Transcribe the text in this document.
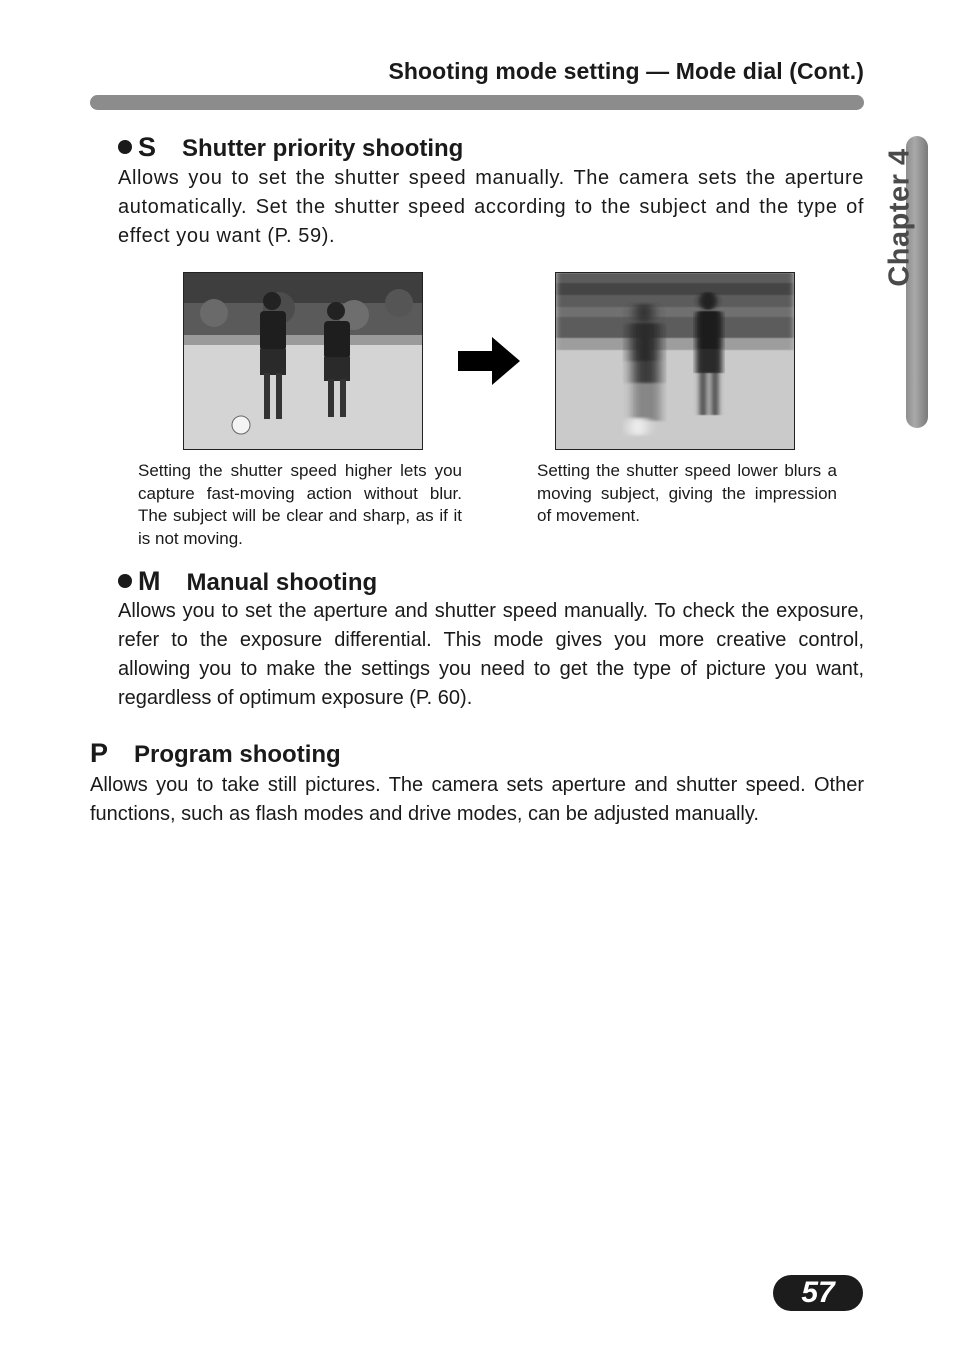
Shooting mode setting — Mode dial (Cont.)
Chapter 4
S Shutter priority shooting
Allows you to set the shutter speed manually. The camera sets the aperture automatically. Set the shutter speed according to the subject and the type of effect you want (P. 59).
Setting the shutter speed higher lets you capture fast-moving action without blur. The subject will be clear and sharp, as if it is not moving.
Setting the shutter speed lower blurs a moving subject, giving the impression of movement.
M Manual shooting
Allows you to set the aperture and shutter speed manually. To check the exposure, refer to the exposure differential. This mode gives you more creative control, allowing you to make the settings you need to get the type of picture you want, regardless of optimum exposure (P. 60).
P Program shooting
Allows you to take still pictures. The camera sets aperture and shutter speed. Other functions, such as flash modes and drive modes, can be adjusted manually.
57
